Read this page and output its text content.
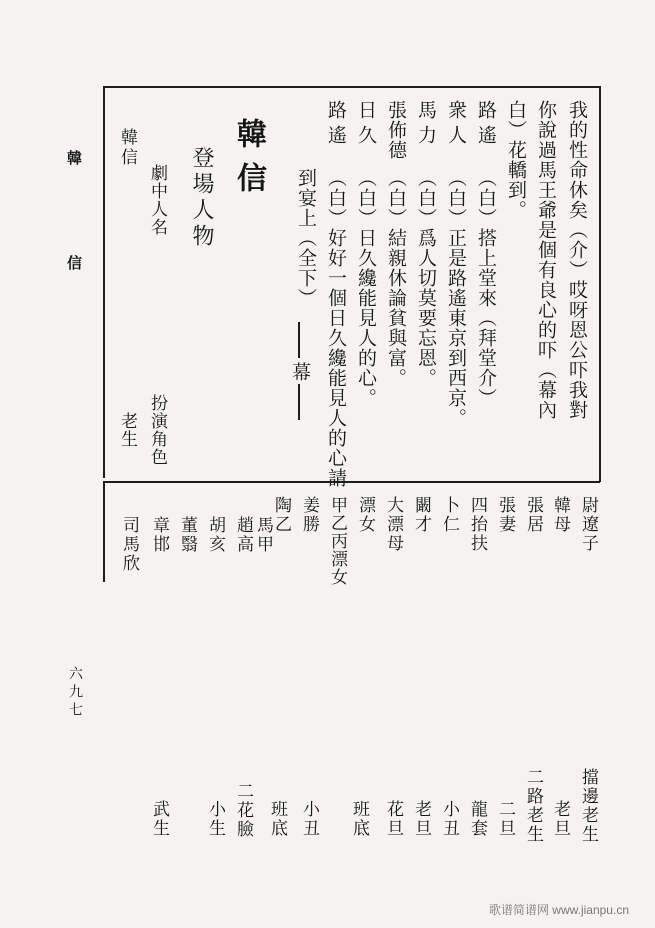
韓信
六九七
我的性命休矣（介）哎呀恩公吓我對
你說過馬王爺是個有良心的吓（幕內
白）花轎到。
路遙
（白）搭上堂來（拜堂介）
衆人
（白）正是路遙東京到西京。
馬力
（白）爲人切莫要忘恩。
張佈德
（白）結親休論貧與富。
日久
（白）日久纔能見人的心。
路遙
（白）好好一個日久纔能見人的心請
到宴上（全下）
幕
韓信
登場人物
劇中人名
扮演角色
韓信
老生
尉遼子
擋邊老生
韓母
老旦
張居
二路老生
張妻
二旦
四抬扶
龍套
卜仁
小丑
闞才
老旦
大漂母
花旦
漂女
甲乙丙漂女
班底
姜勝
小丑
陶乙
馬甲
班底
趙高
二花臉
胡亥
小生
董翳
章邯
司馬欣
武生
歌谱简谱网 www.jianpu.cn
